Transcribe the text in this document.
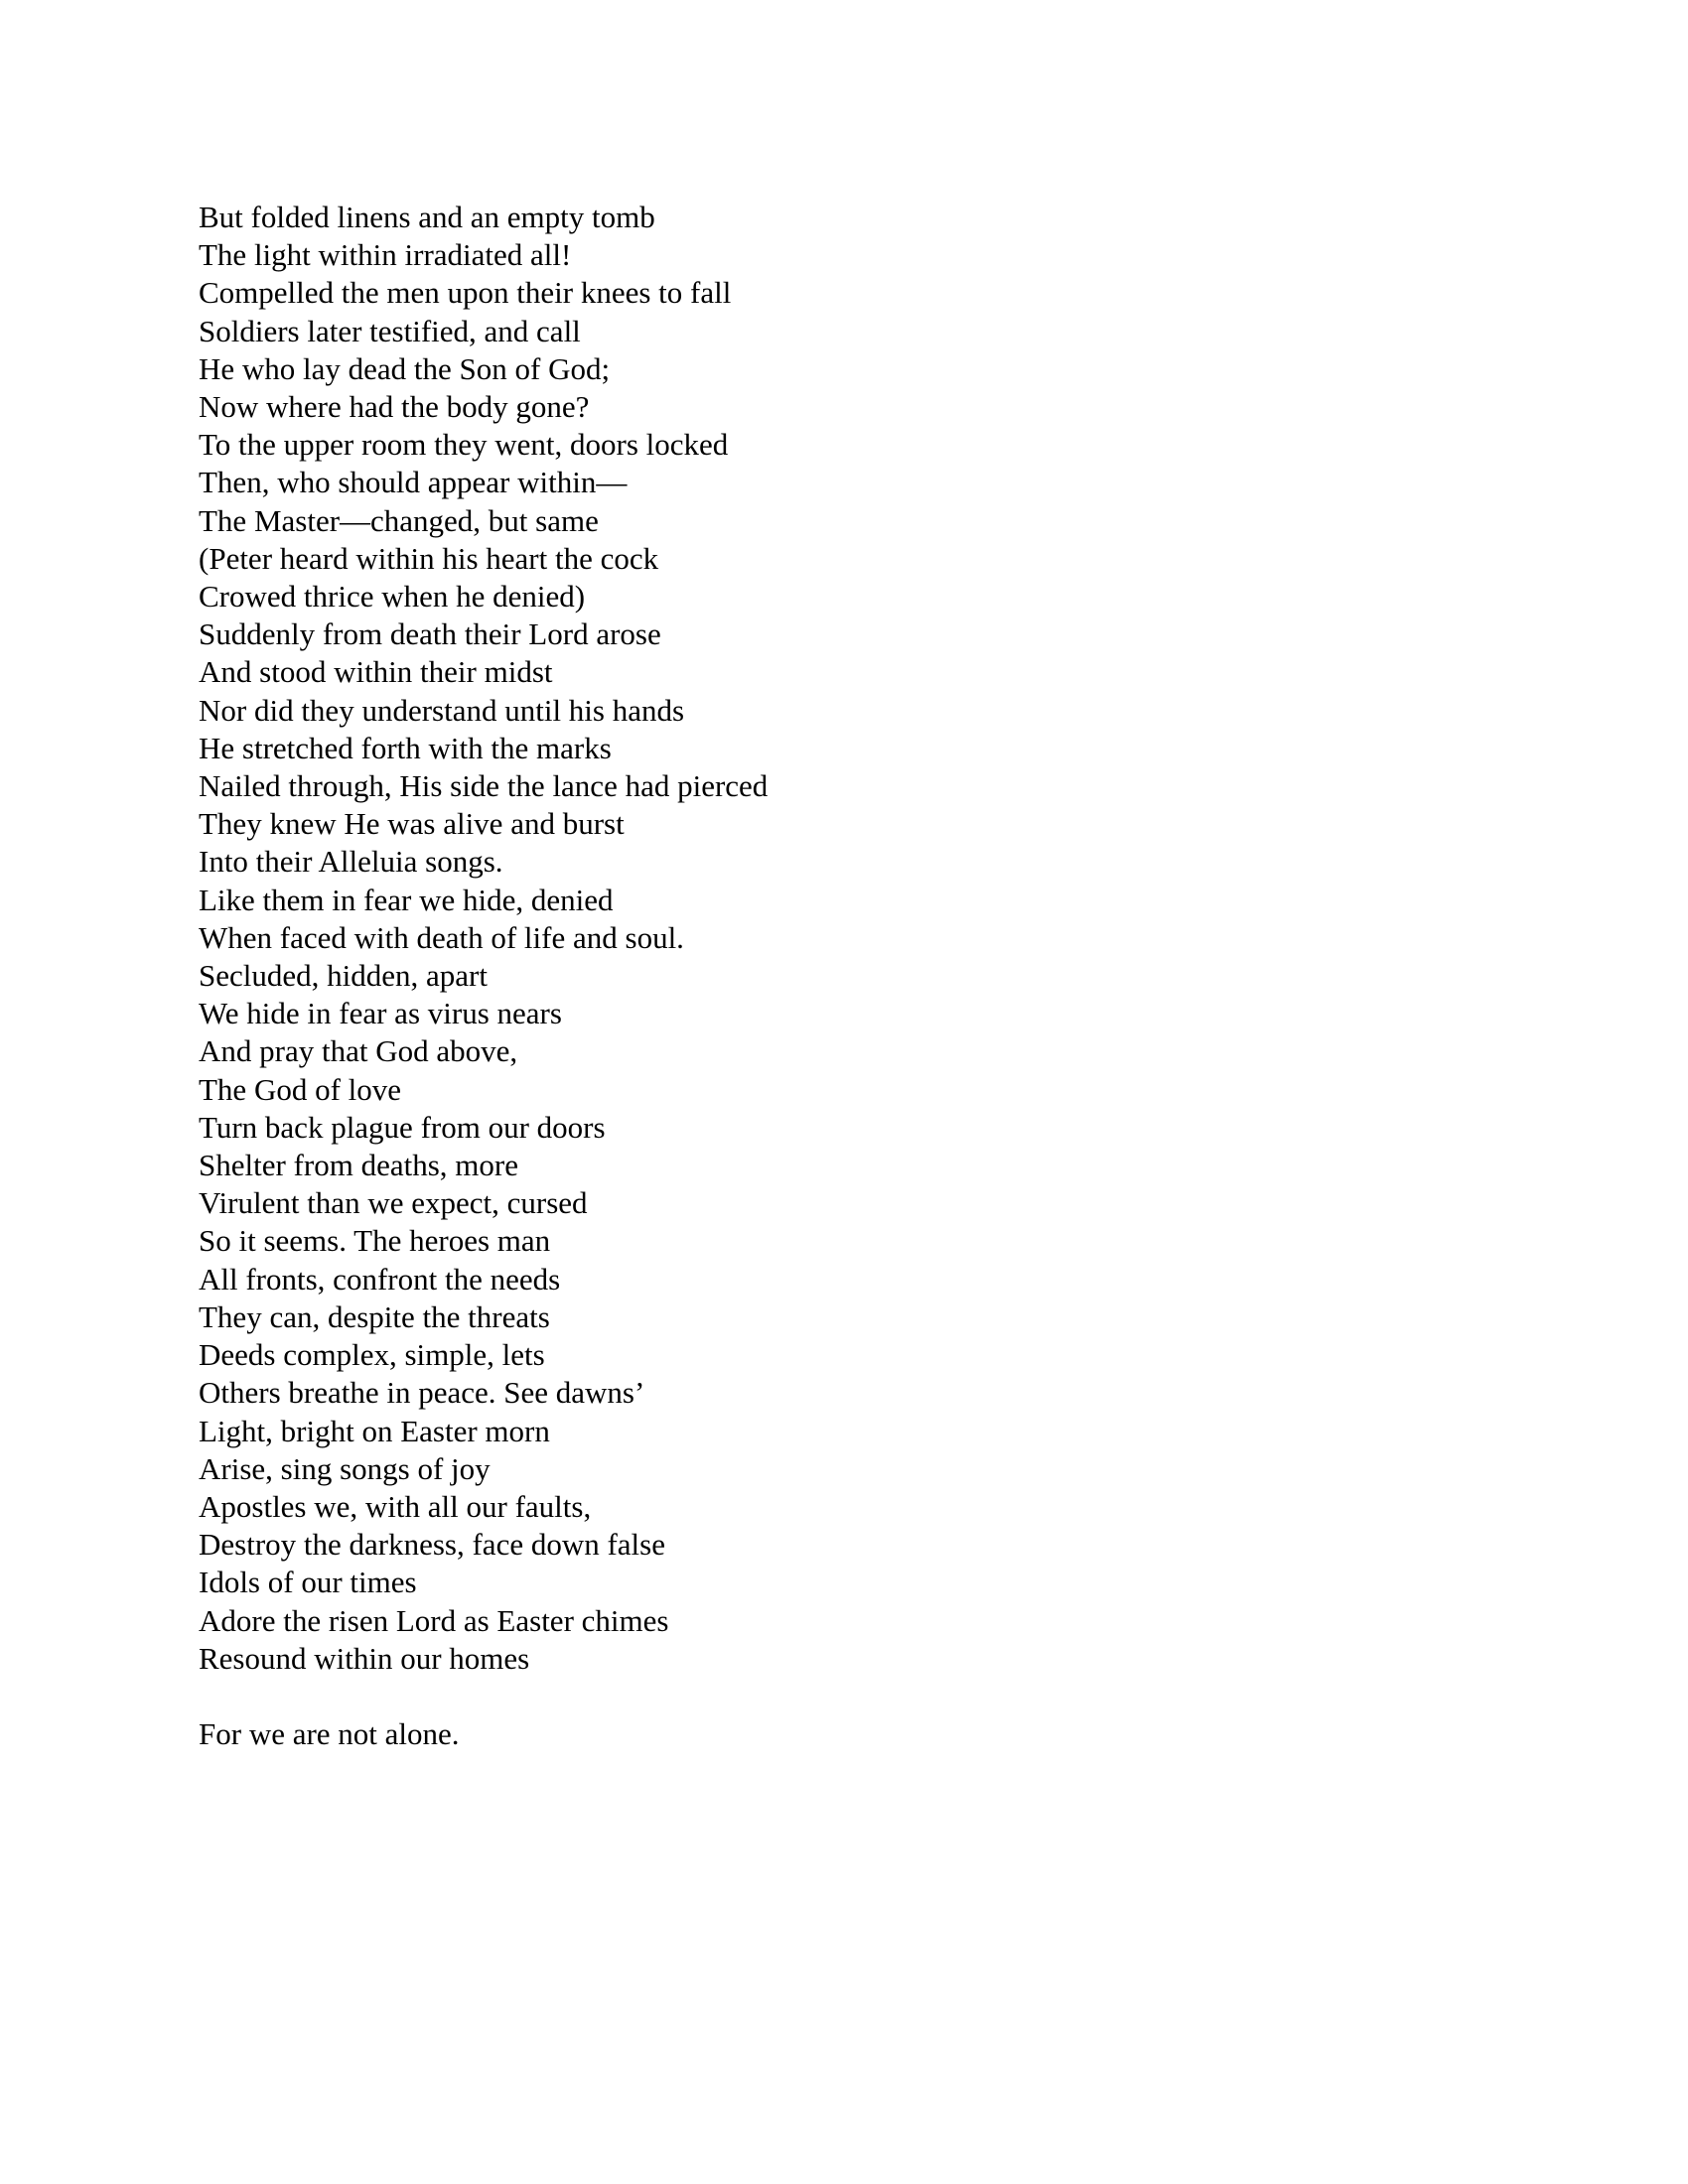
But folded linens and an empty tomb

The light within irradiated all!

Compelled the men upon their knees to fall

Soldiers later testified, and call

He who lay dead the Son of God;

Now where had the body gone?

To the upper room they went, doors locked

Then, who should appear within—

The Master—changed, but same

(Peter heard within his heart the cock

Crowed thrice when he denied)

Suddenly from death their Lord arose

And stood within their midst

Nor did they understand until his hands

He stretched forth with the marks

Nailed through, His side the lance had pierced

They knew He was alive and burst

Into their Alleluia songs.

Like them in fear we hide, denied

When faced with death of life and soul.

Secluded, hidden, apart

We hide in fear as virus nears

And pray that God above,

The God of love

Turn back plague from our doors

Shelter from deaths, more

Virulent than we expect, cursed

So it seems. The heroes man

All fronts, confront the needs

They can, despite the threats

Deeds complex, simple, lets

Others breathe in peace. See dawns’

Light, bright on Easter morn

Arise, sing songs of joy

Apostles we, with all our faults,

Destroy the darkness, face down false

Idols of our times

Adore the risen Lord as Easter chimes

Resound within our homes

For we are not alone.
